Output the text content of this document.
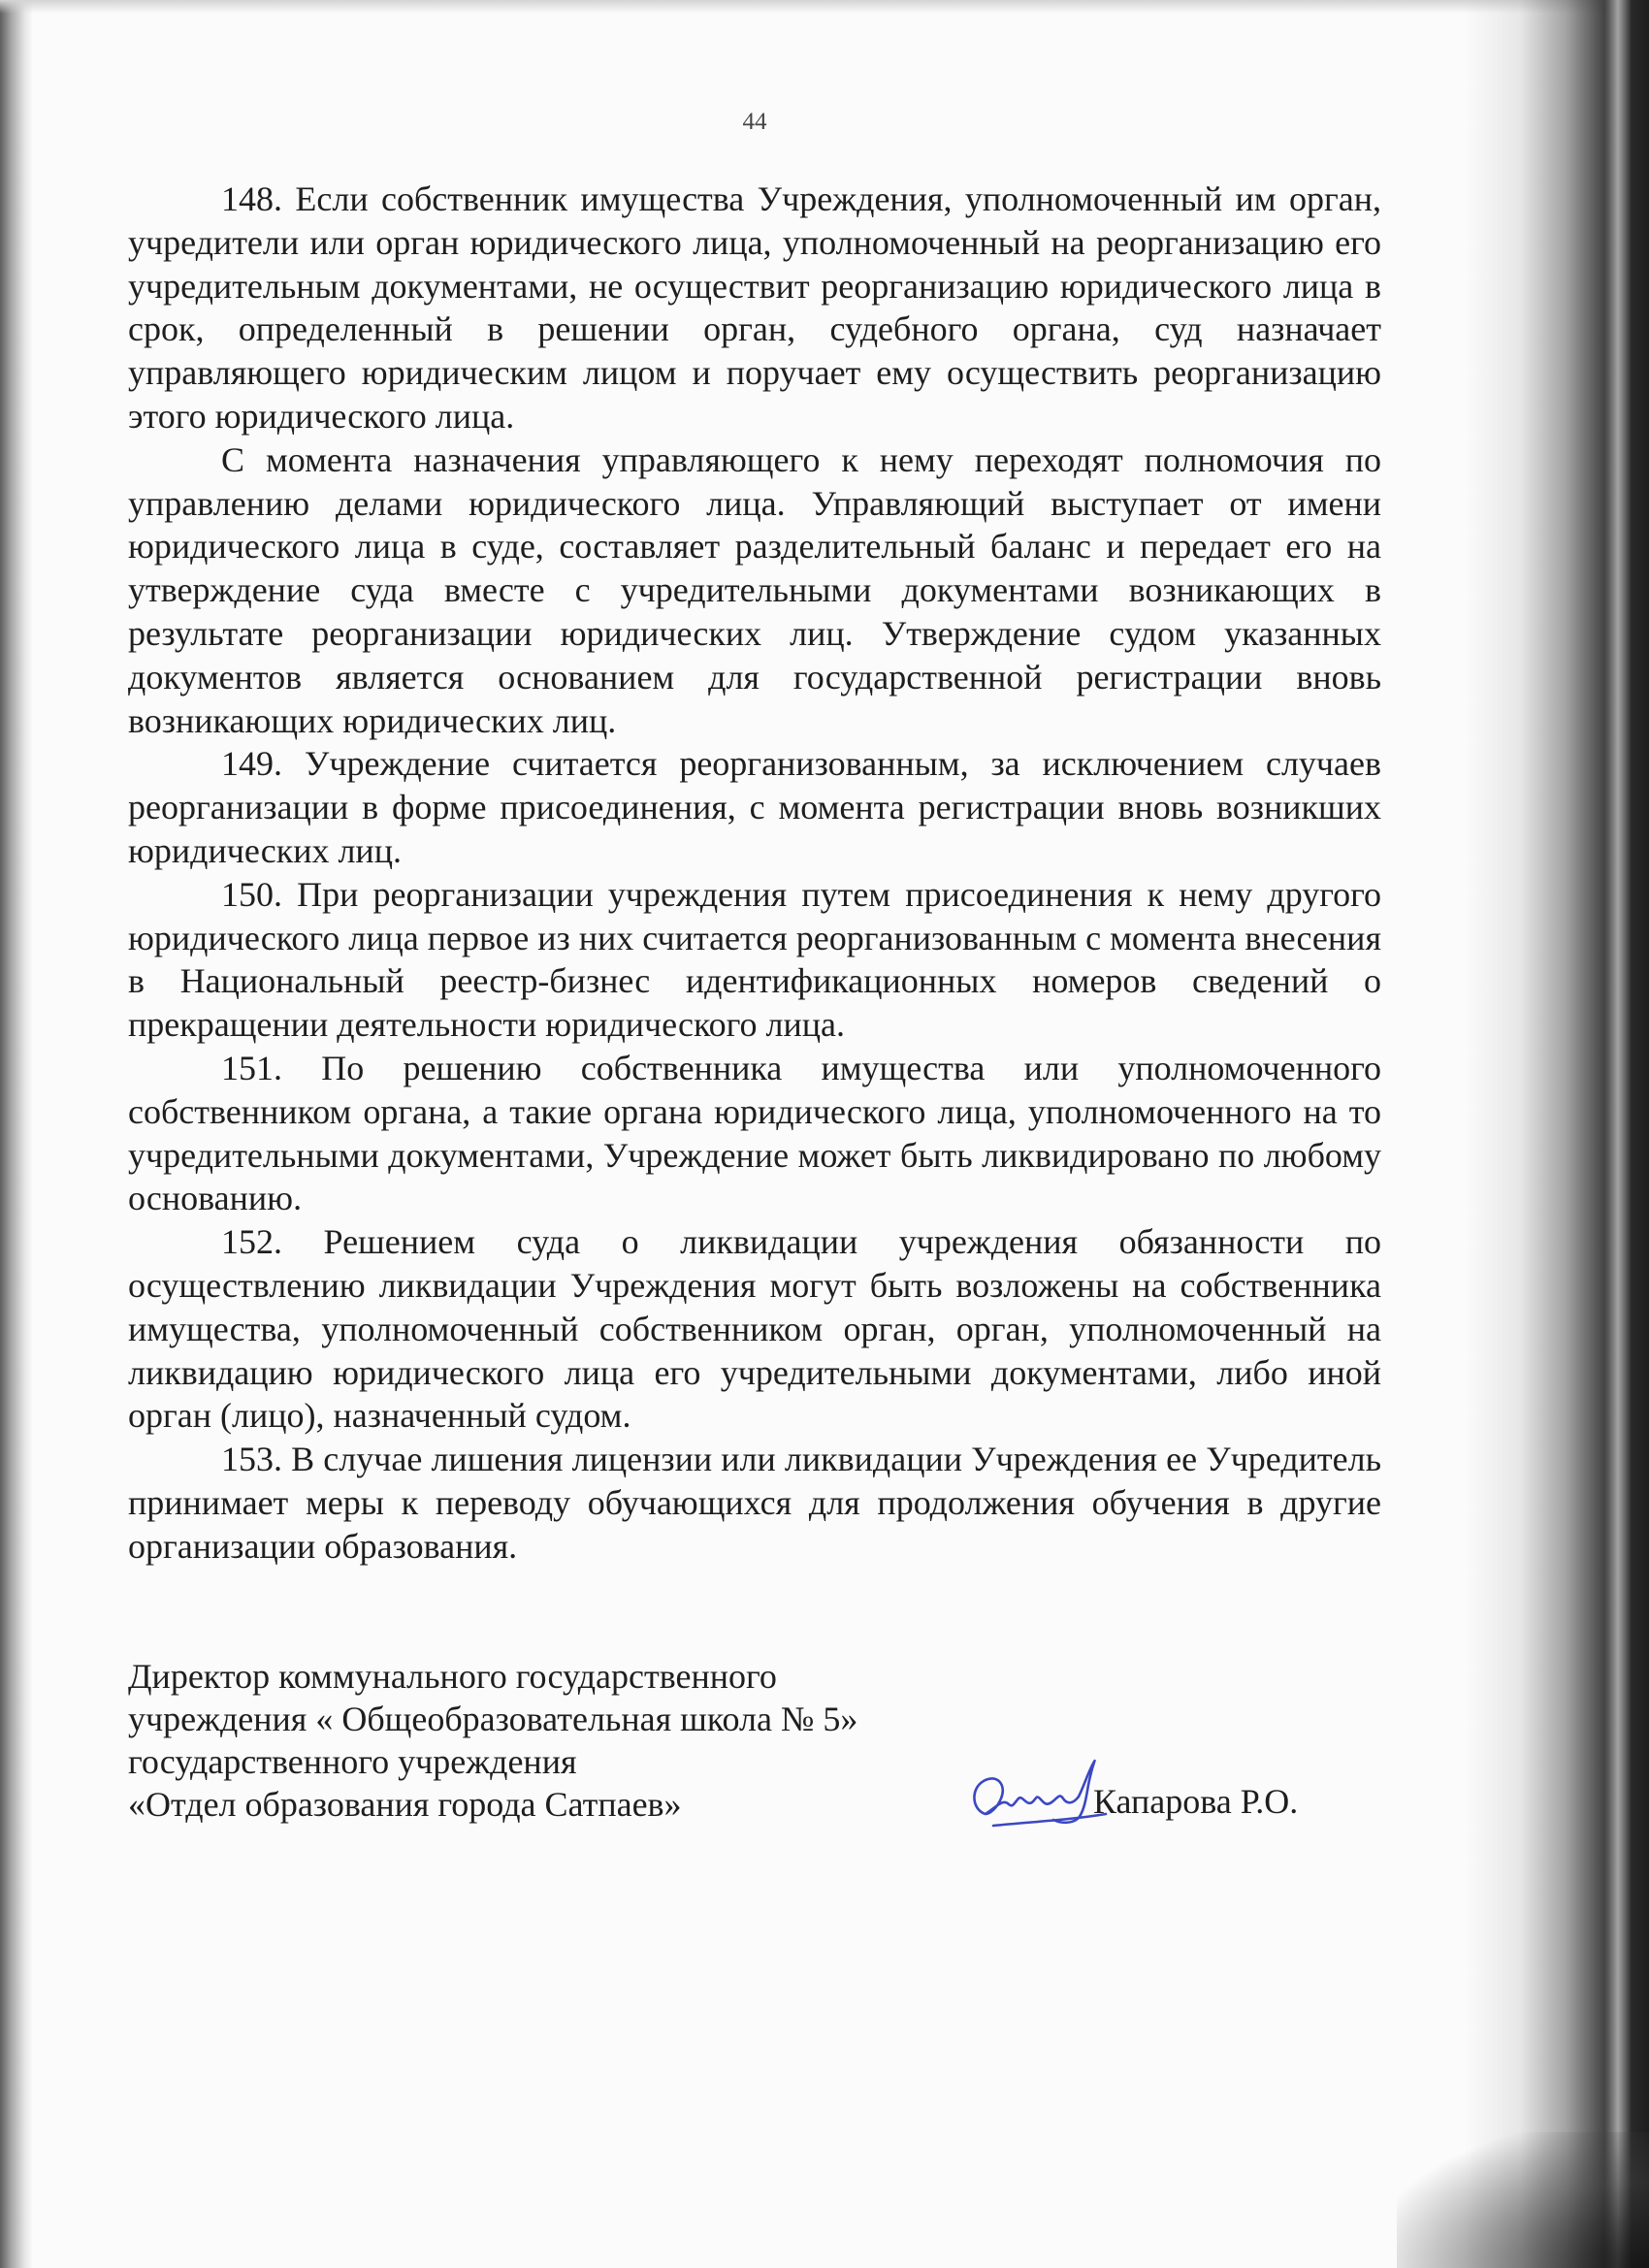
44

148. Если собственник имущества Учреждения, уполномоченный им орган, учредители или орган юридического лица, уполномоченный на реорганизацию его учредительным документами, не осуществит реорганизацию юридического лица в срок, определенный в решении орган, судебного органа, суд назначает управляющего юридическим лицом и поручает ему осуществить реорганизацию этого юридического лица.

С момента назначения управляющего к нему переходят полномочия по управлению делами юридического лица. Управляющий выступает от имени юридического лица в суде, составляет разделительный баланс и передает его на утверждение суда вместе с учредительными документами возникающих в результате реорганизации юридических лиц. Утверждение судом указанных документов является основанием для государственной регистрации вновь возникающих юридических лиц.

149. Учреждение считается реорганизованным, за исключением случаев реорганизации в форме присоединения, с момента регистрации вновь возникших юридических лиц.

150. При реорганизации учреждения путем присоединения к нему другого юридического лица первое из них считается реорганизованным с момента внесения в Национальный реестр-бизнес идентификационных номеров сведений о прекращении деятельности юридического лица.

151. По решению собственника имущества или уполномоченного собственником органа, а такие органа юридического лица, уполномоченного на то учредительными документами, Учреждение может быть ликвидировано по любому основанию.

152. Решением суда о ликвидации учреждения обязанности по осуществлению ликвидации Учреждения могут быть возложены на собственника имущества, уполномоченный собственником орган, орган, уполномоченный на ликвидацию юридического лица его учредительными документами, либо иной орган (лицо), назначенный судом.

153. В случае лишения лицензии или ликвидации Учреждения ее Учредитель принимает меры к переводу обучающихся для продолжения обучения в другие организации образования.

Директор коммунального государственного
учреждения « Общеобразовательная школа № 5»
государственного учреждения
«Отдел образования города Сатпаев»	Капарова Р.О.
